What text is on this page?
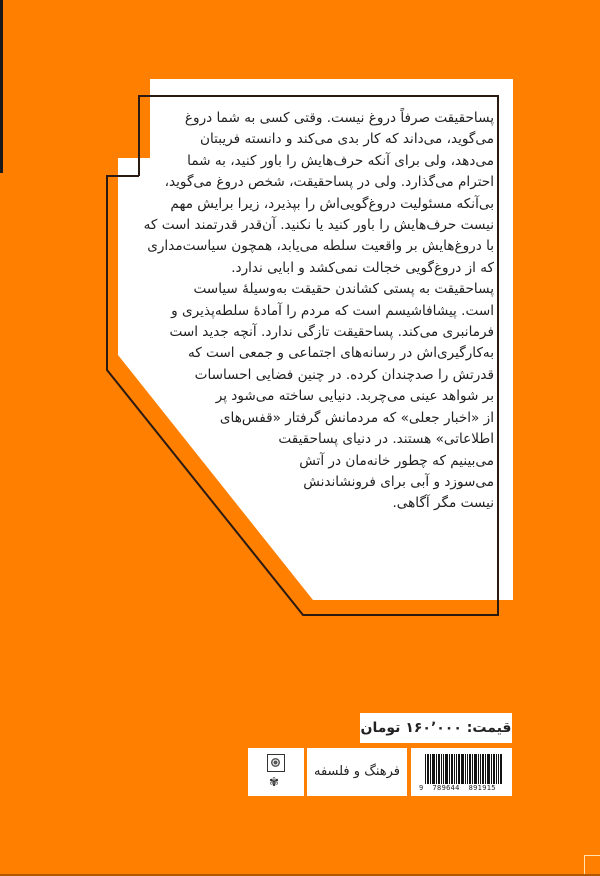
پساحقیقت صرفاً دروغ نیست. وقتی کسی به شما دروغ
می‌گوید، می‌داند که کار بدی می‌کند و دانسته فریبتان
می‌دهد، ولی برای آنکه حرف‌هایش را باور کنید، به شما
احترام می‌گذارد. ولی در پساحقیقت، شخص دروغ می‌گوید،
بی‌آنکه مسئولیت دروغ‌گویی‌اش را بپذیرد، زیرا برایش مهم
نیست حرف‌هایش را باور کنید یا نکنید. آن‌قدر قدرتمند است که
با دروغ‌هایش بر واقعیت سلطه می‌یابد، همچون سیاست‌مداری
که از دروغ‌گویی خجالت نمی‌کشد و ابایی ندارد.
پساحقیقت به پستی کشاندن حقیقت به‌وسیلهٔ سیاست
است. پیشافاشیسم است که مردم را آمادهٔ سلطه‌پذیری و
فرمانبری می‌کند. پساحقیقت تازگی ندارد. آنچه جدید است
به‌کارگیری‌اش در رسانه‌های اجتماعی و جمعی است که
قدرتش را صدچندان کرده. در چنین فضایی احساسات
بر شواهد عینی می‌چربد. دنیایی ساخته می‌شود پر
از «اخبار جعلی» که مردمانش گرفتار «قفس‌های
اطلاعاتی» هستند. در دنیای پساحقیقت
می‌بینیم که چطور خانه‌مان در آتش
می‌سوزد و آبی برای فرونشاندنش
نیست مگر آگاهی.
قیمت: ۱۶۰٬۰۰۰ تومان
✾
فرهنگ و فلسفه
9  789644  891915
